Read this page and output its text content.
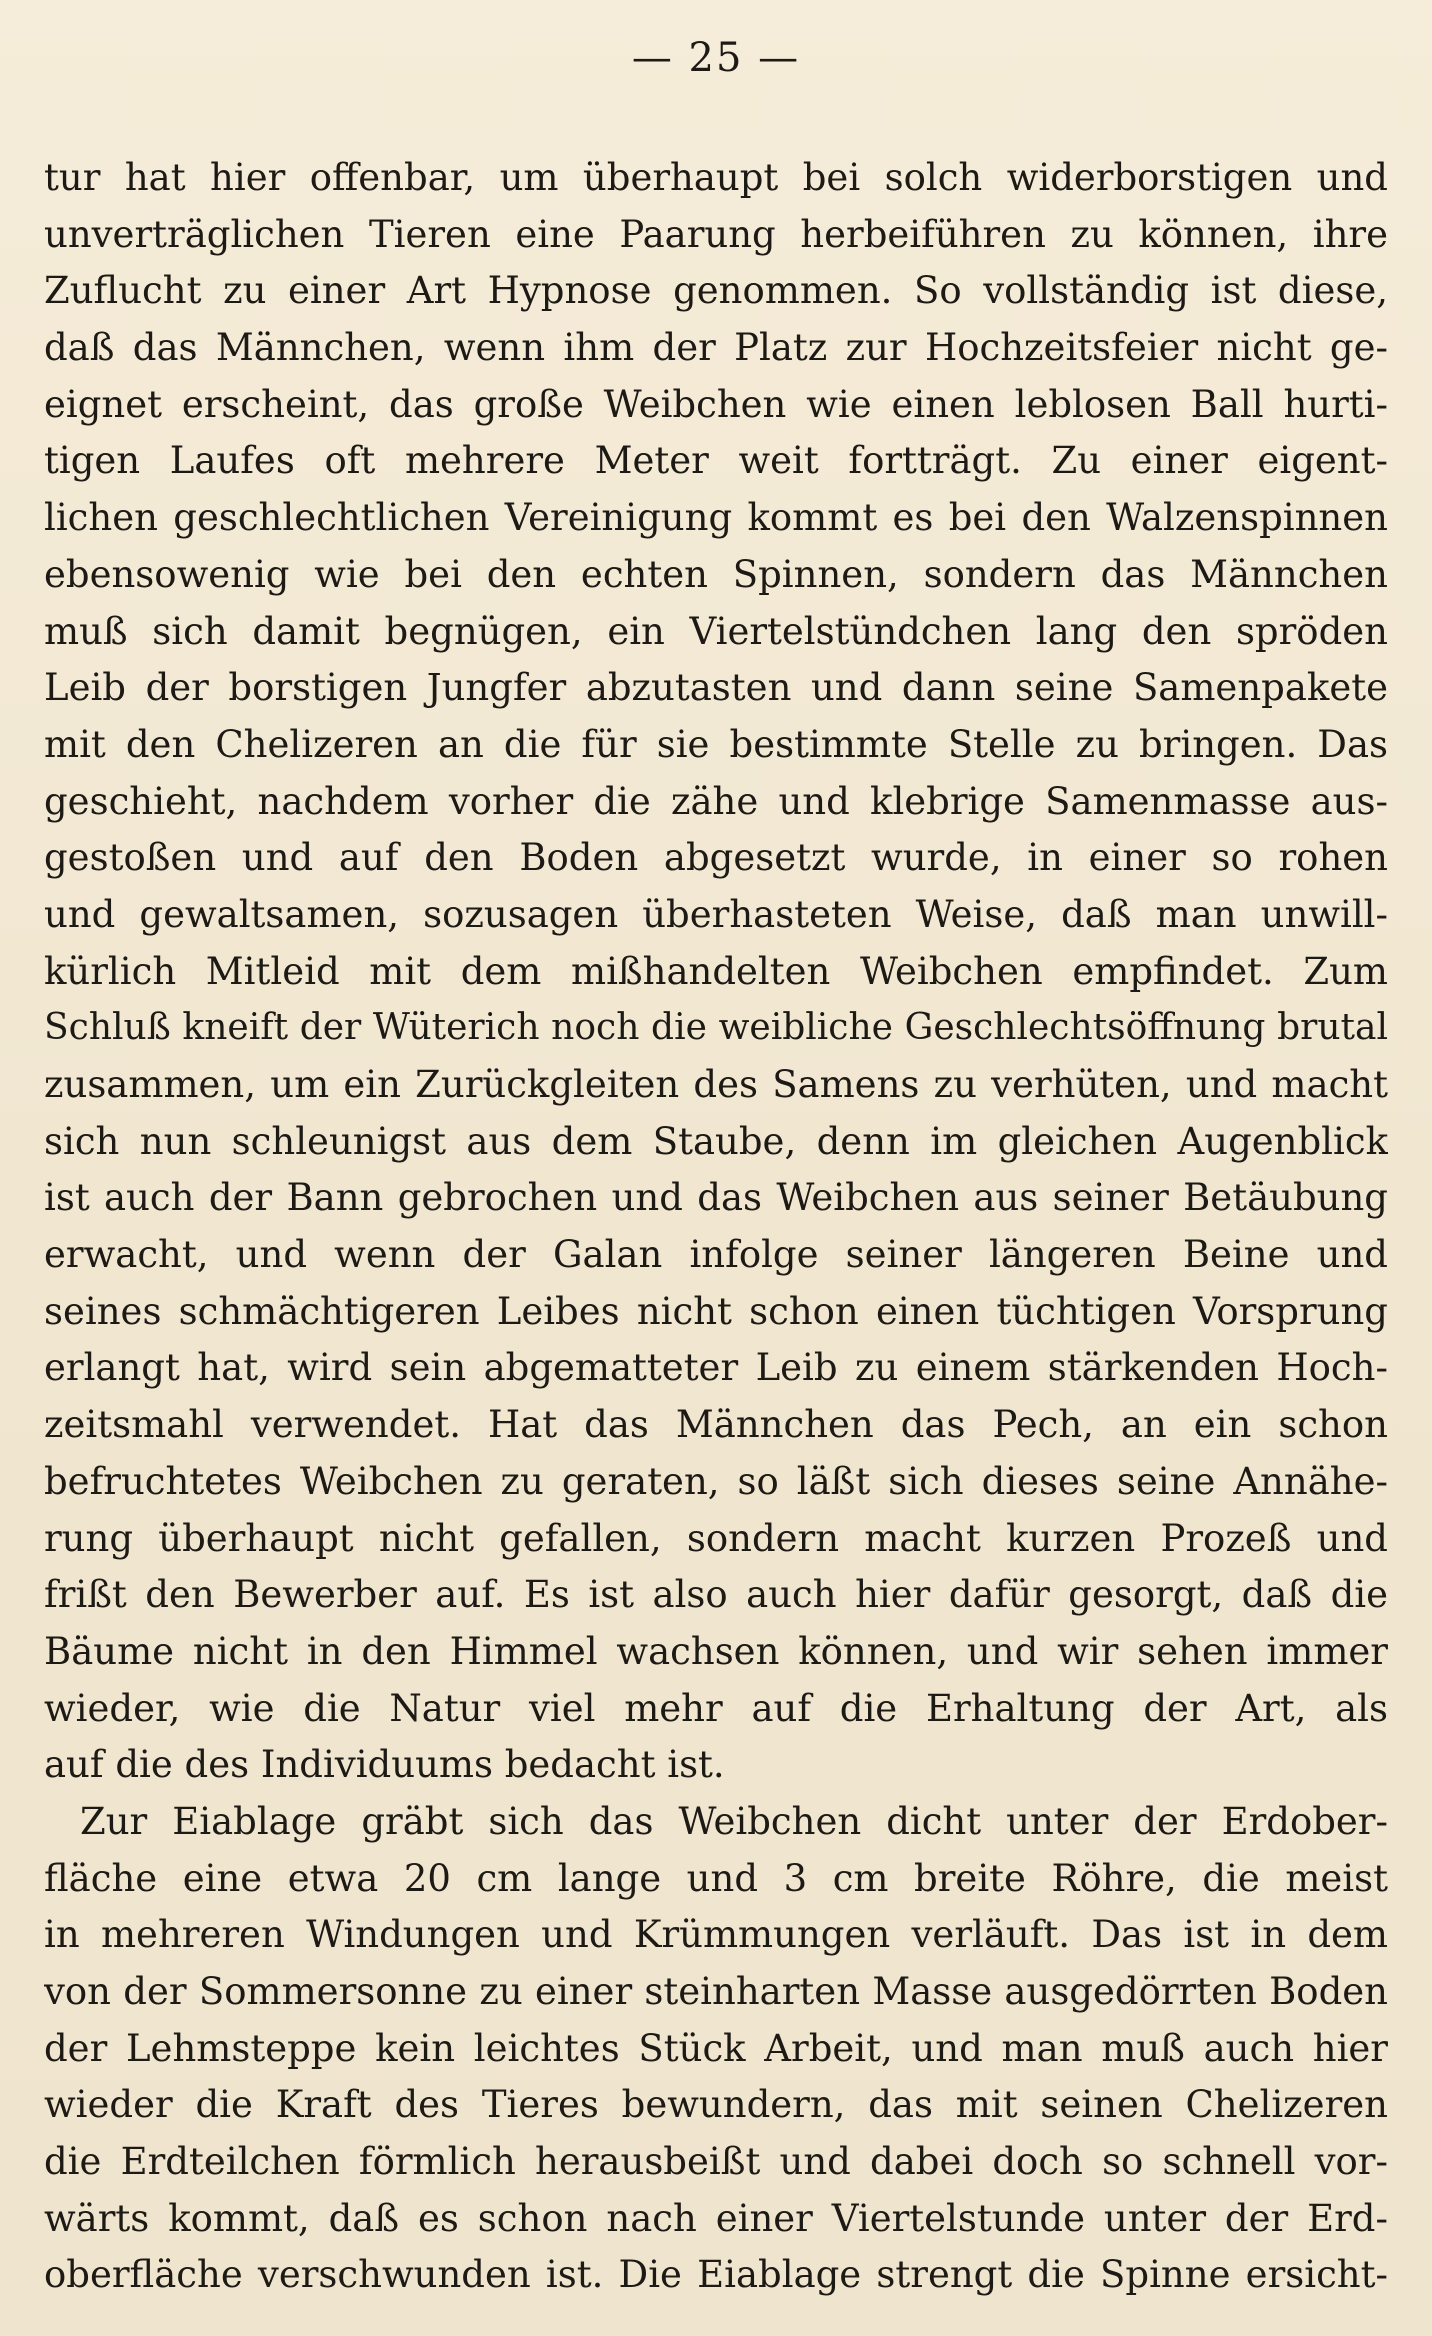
— 25 —
tur hat hier offenbar, um überhaupt bei solch widerborstigen und
unverträglichen Tieren eine Paarung herbeiführen zu können, ihre
Zuflucht zu einer Art Hypnose genommen. So vollständig ist diese,
daß das Männchen, wenn ihm der Platz zur Hochzeitsfeier nicht ge-
eignet erscheint, das große Weibchen wie einen leblosen Ball hurti-
tigen Laufes oft mehrere Meter weit fortträgt. Zu einer eigent-
lichen geschlechtlichen Vereinigung kommt es bei den Walzenspinnen
ebensowenig wie bei den echten Spinnen, sondern das Männchen
muß sich damit begnügen, ein Viertelstündchen lang den spröden
Leib der borstigen Jungfer abzutasten und dann seine Samenpakete
mit den Chelizeren an die für sie bestimmte Stelle zu bringen. Das
geschieht, nachdem vorher die zähe und klebrige Samenmasse aus-
gestoßen und auf den Boden abgesetzt wurde, in einer so rohen
und gewaltsamen, sozusagen überhasteten Weise, daß man unwill-
kürlich Mitleid mit dem mißhandelten Weibchen empfindet. Zum
Schluß kneift der Wüterich noch die weibliche Geschlechtsöffnung brutal
zusammen, um ein Zurückgleiten des Samens zu verhüten, und macht
sich nun schleunigst aus dem Staube, denn im gleichen Augenblick
ist auch der Bann gebrochen und das Weibchen aus seiner Betäubung
erwacht, und wenn der Galan infolge seiner längeren Beine und
seines schmächtigeren Leibes nicht schon einen tüchtigen Vorsprung
erlangt hat, wird sein abgematteter Leib zu einem stärkenden Hoch-
zeitsmahl verwendet. Hat das Männchen das Pech, an ein schon
befruchtetes Weibchen zu geraten, so läßt sich dieses seine Annähe-
rung überhaupt nicht gefallen, sondern macht kurzen Prozeß und
frißt den Bewerber auf. Es ist also auch hier dafür gesorgt, daß die
Bäume nicht in den Himmel wachsen können, und wir sehen immer
wieder, wie die Natur viel mehr auf die Erhaltung der Art, als
auf die des Individuums bedacht ist.
Zur Eiablage gräbt sich das Weibchen dicht unter der Erdober-
fläche eine etwa 20 cm lange und 3 cm breite Röhre, die meist
in mehreren Windungen und Krümmungen verläuft. Das ist in dem
von der Sommersonne zu einer steinharten Masse ausgedörrten Boden
der Lehmsteppe kein leichtes Stück Arbeit, und man muß auch hier
wieder die Kraft des Tieres bewundern, das mit seinen Chelizeren
die Erdteilchen förmlich herausbeißt und dabei doch so schnell vor-
wärts kommt, daß es schon nach einer Viertelstunde unter der Erd-
oberfläche verschwunden ist. Die Eiablage strengt die Spinne ersicht-
